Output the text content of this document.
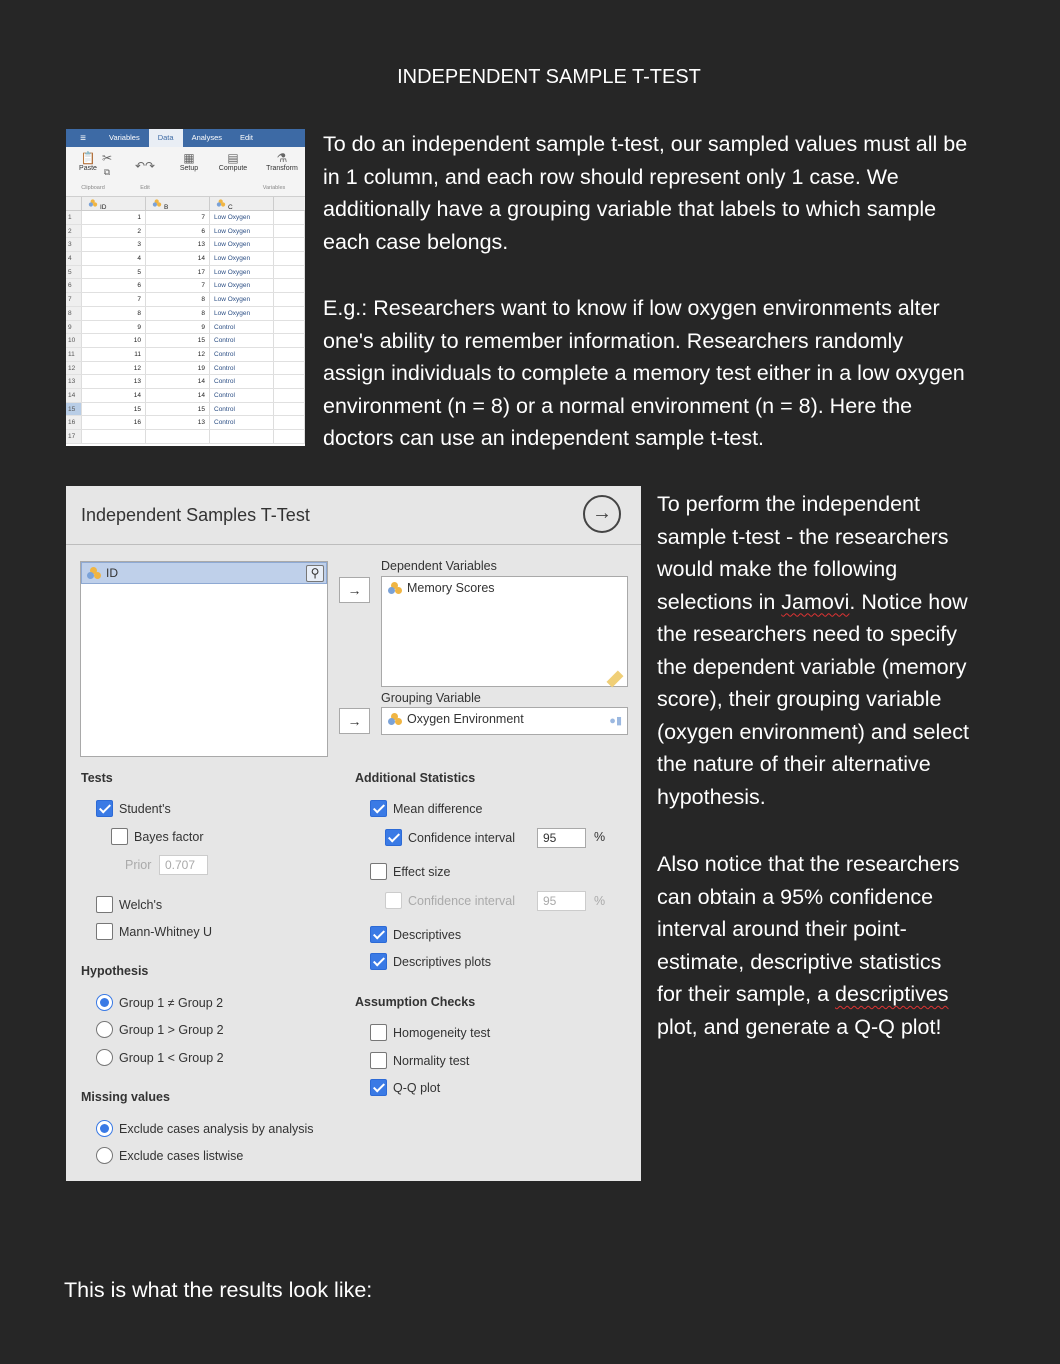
INDEPENDENT SAMPLE T-TEST
≡	Variables	Data	Analyses	Edit
📋
Paste
✂
⧉
Clipboard
↶↷
Edit
▦
Setup
▤
Compute
⚗
Transform
Variables
ID	B	C
1	1	7	Low Oxygen
2	2	6	Low Oxygen
3	3	13	Low Oxygen
4	4	14	Low Oxygen
5	5	17	Low Oxygen
6	6	7	Low Oxygen
7	7	8	Low Oxygen
8	8	8	Low Oxygen
9	9	9	Control
10	10	15	Control
11	11	12	Control
12	12	19	Control
13	13	14	Control
14	14	14	Control
15	15	15	Control
16	16	13	Control
17

To do an independent sample t-test, our sampled values must all be

in 1 column, and each row should represent only 1 case. We

additionally have a grouping variable that labels to which sample

each case belongs.

E.g.: Researchers want to know if low oxygen environments alter

one's ability to remember information. Researchers randomly

assign individuals to complete a memory test either in a low oxygen

environment (n = 8) or a normal environment (n = 8). Here the

doctors can use an independent sample t-test.

Independent Samples T-Test	→
ID	⚲
→
Dependent Variables
Memory Scores
→
Grouping Variable
Oxygen Environment	●▮
Tests
Student's
Bayes factor
Prior	0.707
Welch's
Mann-Whitney U
Hypothesis
Group 1 ≠ Group 2
Group 1 > Group 2
Group 1 < Group 2
Missing values
Exclude cases analysis by analysis
Exclude cases listwise
Additional Statistics
Mean difference
Confidence interval	95	%
Effect size
Confidence interval	95	%
Descriptives
Descriptives plots
Assumption Checks
Homogeneity test
Normality test
Q-Q plot

To perform the independent

sample t-test - the researchers

would make the following

selections in Jamovi. Notice how

the researchers need to specify

the dependent variable (memory

score), their grouping variable

(oxygen environment) and select

the nature of their alternative

hypothesis.

Also notice that the researchers

can obtain a 95% confidence

interval around their point-

estimate, descriptive statistics

for their sample, a descriptives

plot, and generate a Q-Q plot!

This is what the results look like:
